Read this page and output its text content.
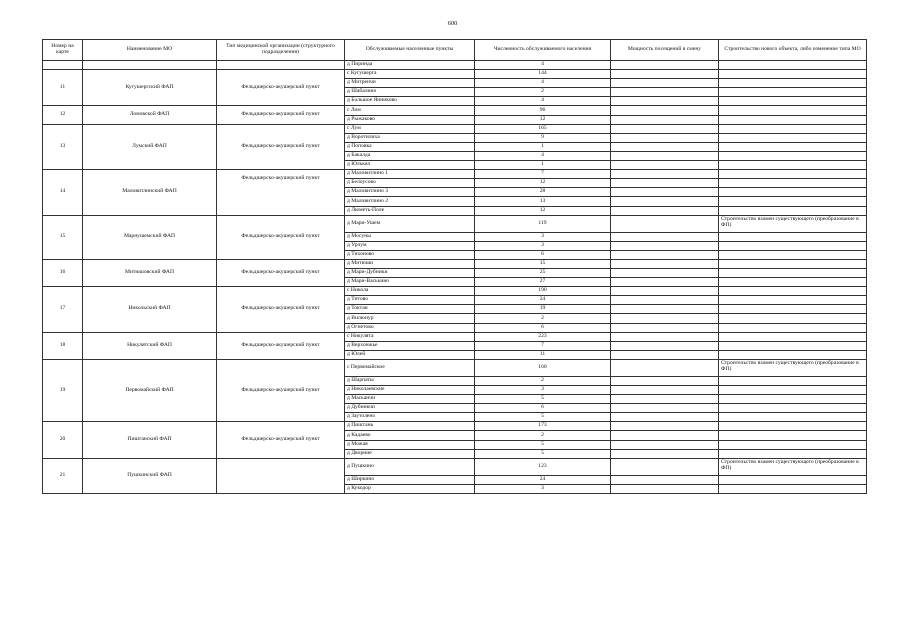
600
Номер на карте	Наименование МО	Тип медицинской организации (структурного подразделения)	Обслуживаемые населенные пункты	Численность обслуживаемого населения	Мощность посещений в смену	Строительство нового объекта, либо изменение типа МО
			д Пиринда	4		
11	Кугушергский ФАП	Фельдшерско-акушерский пункт	с Кугушерга	144		
			д Митренчи	4		
			д Шабалино	2		
			д Большое Янниково	4		
12	Ломовской ФАП	Фельдшерско-акушерский пункт	с Лом	96		
			д Рыжаково	12		
13	Лумский ФАП	Фельдшерско-акушерский пункт	с Лум	165		
			д Воротилиха	9		
			д Поповка	1		
			д Бакалда	4		
			д Юлькял	1		
14	Маловитлинский ФАП	Фельдшерско-акушерский пункт	д Маловитлино 1	7		
			д Белоусово	12		
			д Маловитлино 3	28		
			д Маловитлино 2	13		
			д Люметь-Поле	12		
15	Марнушемский ФАП	Фельдшерско-акушерский пункт	д Мари-Ушем	119		Строительство взамен существующего (преобразование в ФП)
			д Мосуны	3		
			д Урлум	3		
			д Тихоново	6		
16	Митюшовский ФАП	Фельдшерско-акушерский пункт	д Митюши	15		
			д Мари-Дубники	25		
			д Мари-Васькино	27		
17	Никольский ФАП	Фельдшерско-акушерский пункт	с Никола	190		
			д Титово	24		
			д Токтаи	19		
			д Вилюнур	2		
			д Огнетово	6		
18	Никулятский ФАП	Фельдшерско-акушерский пункт	с Никулята	223		
			д Верхонжье	7		
			д Юлей	11		
19	Первомайский ФАП	Фельдшерско-акушерский пункт	с Первомайское	160		Строительство взамен существующего (преобразование в ФП)
			д Шарпаты	2		
			д Николаевские	3		
			д Масканчи	5		
			д Дубникчи	6		
			д Заутолено	5		
20	Пиштанский ФАП	Фельдшерско-акушерский пункт	д Пиштань	173		
			д Кадаево	2		
			д Можая	5		
			д Дворние	5		
21	Пушкинский ФАП		д Пушкино	123		Строительство взамен существующего (преобразование в ФП)
			д Ширкино	24		
			д Кукодор	3		
